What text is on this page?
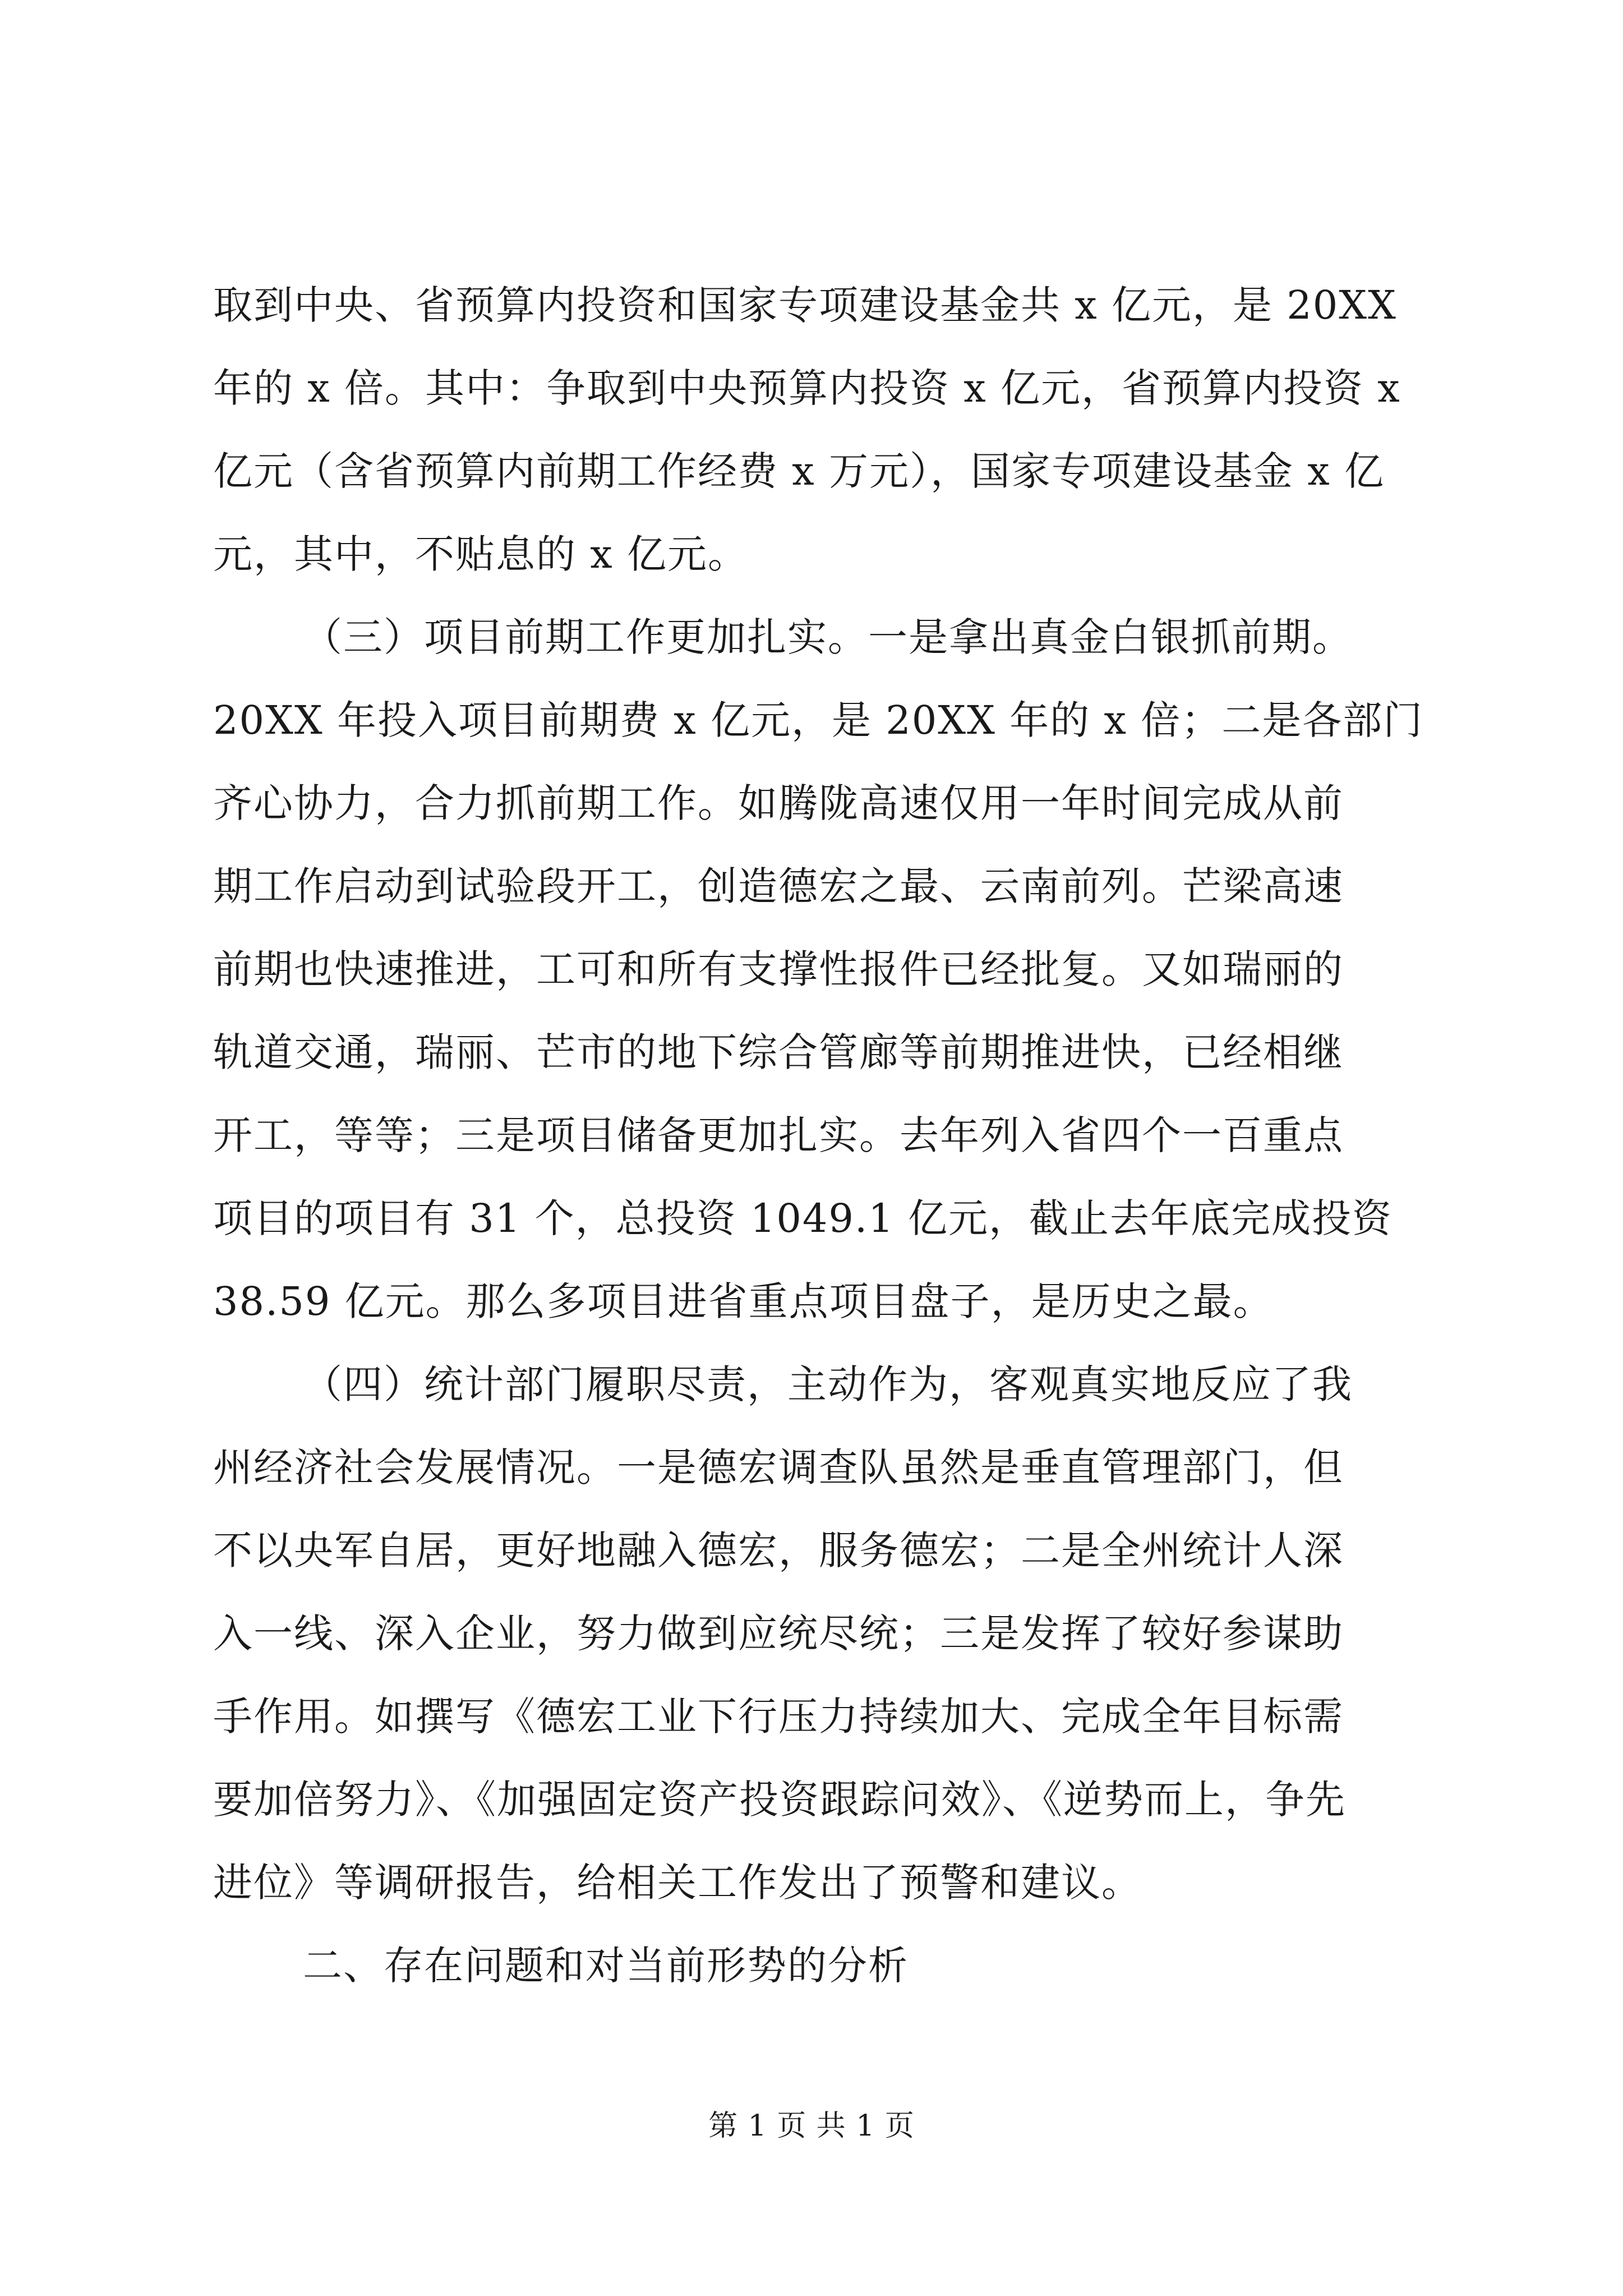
取到中央、省预算内投资和国家专项建设基金共 x 亿元，是 20XX
年的 x 倍。其中：争取到中央预算内投资 x 亿元，省预算内投资 x
亿元（含省预算内前期工作经费 x 万元），国家专项建设基金 x 亿
元，其中，不贴息的 x 亿元。
（三）项目前期工作更加扎实。一是拿出真金白银抓前期。
20XX 年投入项目前期费 x 亿元，是 20XX 年的 x 倍；二是各部门
齐心协力，合力抓前期工作。如腾陇高速仅用一年时间完成从前
期工作启动到试验段开工，创造德宏之最、云南前列。芒梁高速
前期也快速推进，工可和所有支撑性报件已经批复。又如瑞丽的
轨道交通，瑞丽、芒市的地下综合管廊等前期推进快，已经相继
开工，等等；三是项目储备更加扎实。去年列入省四个一百重点
项目的项目有 31 个，总投资 1049.1 亿元，截止去年底完成投资
38.59 亿元。那么多项目进省重点项目盘子，是历史之最。
（四）统计部门履职尽责，主动作为，客观真实地反应了我
州经济社会发展情况。一是德宏调查队虽然是垂直管理部门，但
不以央军自居，更好地融入德宏，服务德宏；二是全州统计人深
入一线、深入企业，努力做到应统尽统；三是发挥了较好参谋助
手作用。如撰写《德宏工业下行压力持续加大、完成全年目标需
要加倍努力》、《加强固定资产投资跟踪问效》、《逆势而上，争先
进位》等调研报告，给相关工作发出了预警和建议。
二、存在问题和对当前形势的分析
第 1 页 共 1 页
